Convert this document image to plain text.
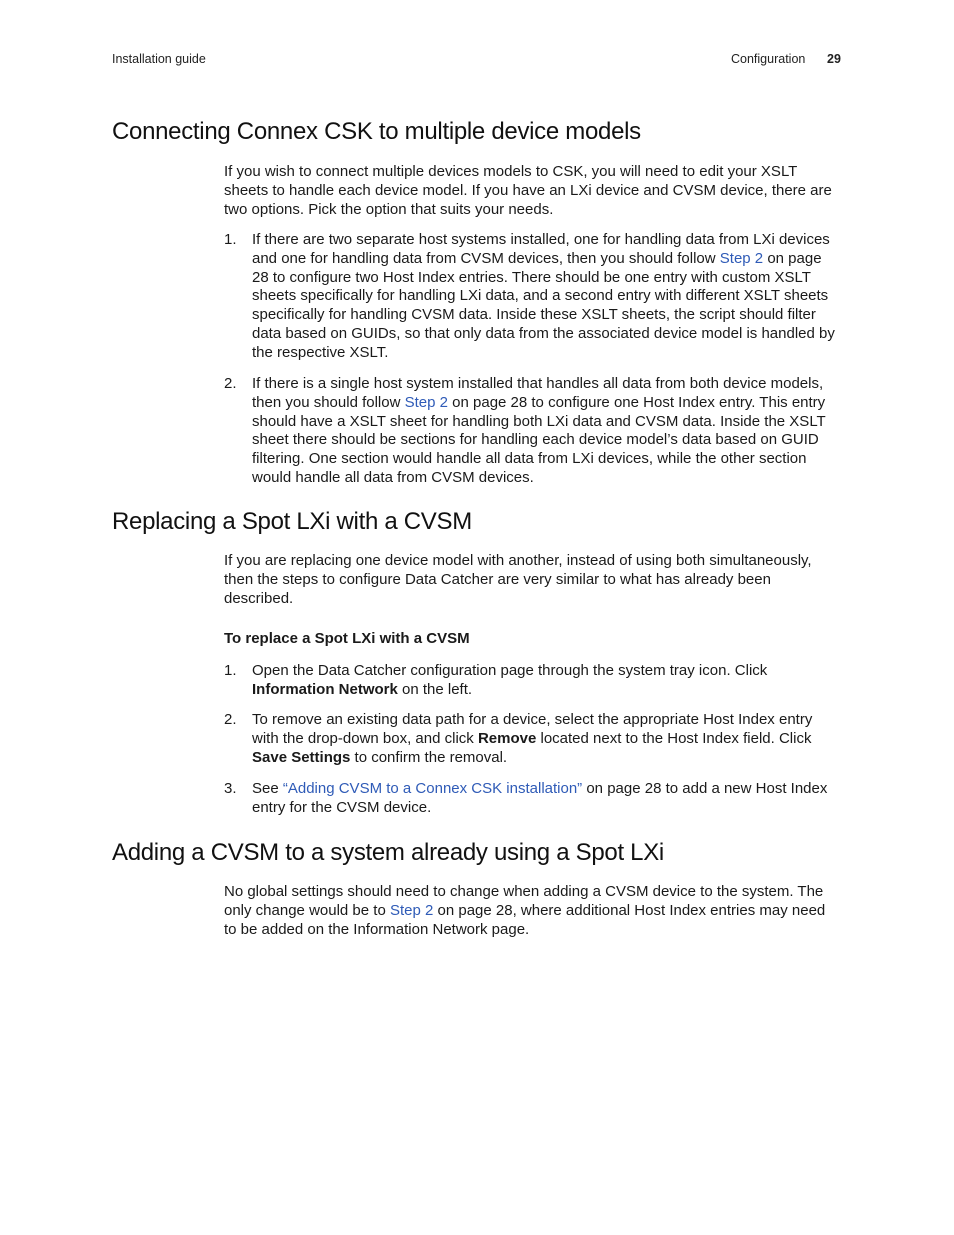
Installation guide	Configuration 29
Connecting Connex CSK to multiple device models

If you wish to connect multiple devices models to CSK, you will need to edit your XSLT sheets to handle each device model. If you have an LXi device and CVSM device, there are two options. Pick the option that suits your needs.

1. If there are two separate host systems installed, one for handling data from LXi devices and one for handling data from CVSM devices, then you should follow Step 2 on page 28 to configure two Host Index entries. There should be one entry with custom XSLT sheets specifically for handling LXi data, and a second entry with different XSLT sheets specifically for handling CVSM data. Inside these XSLT sheets, the script should filter data based on GUIDs, so that only data from the associated device model is handled by the respective XSLT.
2. If there is a single host system installed that handles all data from both device models, then you should follow Step 2 on page 28 to configure one Host Index entry. This entry should have a XSLT sheet for handling both LXi data and CVSM data. Inside the XSLT sheet there should be sections for handling each device model’s data based on GUID filtering. One section would handle all data from LXi devices, while the other section would handle all data from CVSM devices.
Replacing a Spot LXi with a CVSM

If you are replacing one device model with another, instead of using both simultaneously, then the steps to configure Data Catcher are very similar to what has already been described.

To replace a Spot LXi with a CVSM
1. Open the Data Catcher configuration page through the system tray icon. Click Information Network on the left.
2. To remove an existing data path for a device, select the appropriate Host Index entry with the drop-down box, and click Remove located next to the Host Index field. Click Save Settings to confirm the removal.
3. See “Adding CVSM to a Connex CSK installation” on page 28 to add a new Host Index entry for the CVSM device.
Adding a CVSM to a system already using a Spot LXi

No global settings should need to change when adding a CVSM device to the system. The only change would be to Step 2 on page 28, where additional Host Index entries may need to be added on the Information Network page.
